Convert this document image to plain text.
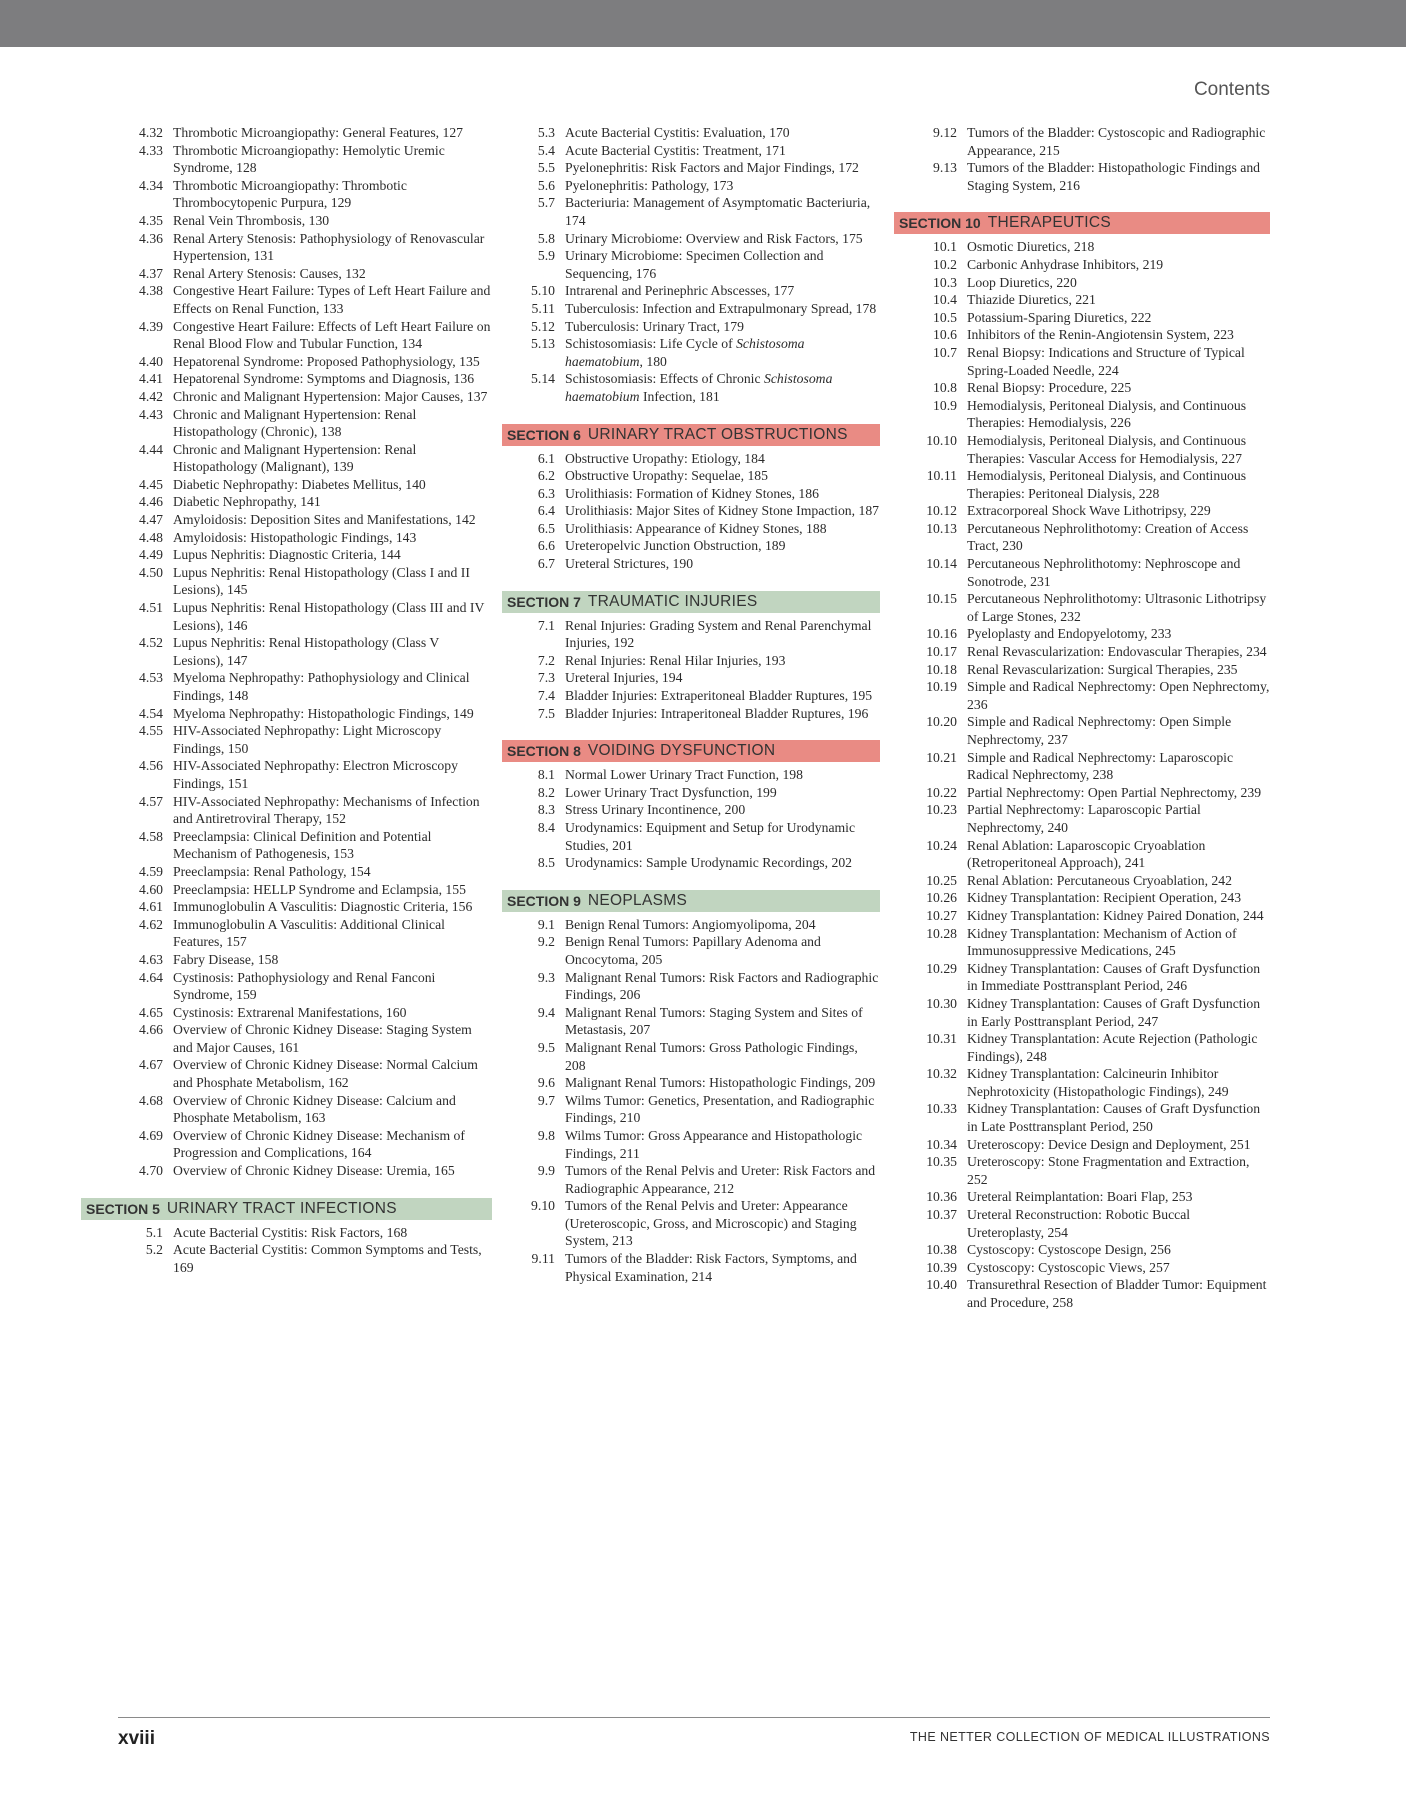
Contents
4.32 Thrombotic Microangiopathy: General Features, 127
4.33 Thrombotic Microangiopathy: Hemolytic Uremic Syndrome, 128
4.34 Thrombotic Microangiopathy: Thrombotic Thrombocytopenic Purpura, 129
4.35 Renal Vein Thrombosis, 130
4.36 Renal Artery Stenosis: Pathophysiology of Renovascular Hypertension, 131
4.37 Renal Artery Stenosis: Causes, 132
4.38 Congestive Heart Failure: Types of Left Heart Failure and Effects on Renal Function, 133
4.39 Congestive Heart Failure: Effects of Left Heart Failure on Renal Blood Flow and Tubular Function, 134
4.40 Hepatorenal Syndrome: Proposed Pathophysiology, 135
4.41 Hepatorenal Syndrome: Symptoms and Diagnosis, 136
4.42 Chronic and Malignant Hypertension: Major Causes, 137
4.43 Chronic and Malignant Hypertension: Renal Histopathology (Chronic), 138
4.44 Chronic and Malignant Hypertension: Renal Histopathology (Malignant), 139
4.45 Diabetic Nephropathy: Diabetes Mellitus, 140
4.46 Diabetic Nephropathy, 141
4.47 Amyloidosis: Deposition Sites and Manifestations, 142
4.48 Amyloidosis: Histopathologic Findings, 143
4.49 Lupus Nephritis: Diagnostic Criteria, 144
4.50 Lupus Nephritis: Renal Histopathology (Class I and II Lesions), 145
4.51 Lupus Nephritis: Renal Histopathology (Class III and IV Lesions), 146
4.52 Lupus Nephritis: Renal Histopathology (Class V Lesions), 147
4.53 Myeloma Nephropathy: Pathophysiology and Clinical Findings, 148
4.54 Myeloma Nephropathy: Histopathologic Findings, 149
4.55 HIV-Associated Nephropathy: Light Microscopy Findings, 150
4.56 HIV-Associated Nephropathy: Electron Microscopy Findings, 151
4.57 HIV-Associated Nephropathy: Mechanisms of Infection and Antiretroviral Therapy, 152
4.58 Preeclampsia: Clinical Definition and Potential Mechanism of Pathogenesis, 153
4.59 Preeclampsia: Renal Pathology, 154
4.60 Preeclampsia: HELLP Syndrome and Eclampsia, 155
4.61 Immunoglobulin A Vasculitis: Diagnostic Criteria, 156
4.62 Immunoglobulin A Vasculitis: Additional Clinical Features, 157
4.63 Fabry Disease, 158
4.64 Cystinosis: Pathophysiology and Renal Fanconi Syndrome, 159
4.65 Cystinosis: Extrarenal Manifestations, 160
4.66 Overview of Chronic Kidney Disease: Staging System and Major Causes, 161
4.67 Overview of Chronic Kidney Disease: Normal Calcium and Phosphate Metabolism, 162
4.68 Overview of Chronic Kidney Disease: Calcium and Phosphate Metabolism, 163
4.69 Overview of Chronic Kidney Disease: Mechanism of Progression and Complications, 164
4.70 Overview of Chronic Kidney Disease: Uremia, 165
SECTION 5 URINARY TRACT INFECTIONS
5.1 Acute Bacterial Cystitis: Risk Factors, 168
5.2 Acute Bacterial Cystitis: Common Symptoms and Tests, 169
5.3 Acute Bacterial Cystitis: Evaluation, 170
5.4 Acute Bacterial Cystitis: Treatment, 171
5.5 Pyelonephritis: Risk Factors and Major Findings, 172
5.6 Pyelonephritis: Pathology, 173
5.7 Bacteriuria: Management of Asymptomatic Bacteriuria, 174
5.8 Urinary Microbiome: Overview and Risk Factors, 175
5.9 Urinary Microbiome: Specimen Collection and Sequencing, 176
5.10 Intrarenal and Perinephric Abscesses, 177
5.11 Tuberculosis: Infection and Extrapulmonary Spread, 178
5.12 Tuberculosis: Urinary Tract, 179
5.13 Schistosomiasis: Life Cycle of Schistosoma haematobium, 180
5.14 Schistosomiasis: Effects of Chronic Schistosoma haematobium Infection, 181
SECTION 6 URINARY TRACT OBSTRUCTIONS
6.1 Obstructive Uropathy: Etiology, 184
6.2 Obstructive Uropathy: Sequelae, 185
6.3 Urolithiasis: Formation of Kidney Stones, 186
6.4 Urolithiasis: Major Sites of Kidney Stone Impaction, 187
6.5 Urolithiasis: Appearance of Kidney Stones, 188
6.6 Ureteropelvic Junction Obstruction, 189
6.7 Ureteral Strictures, 190
SECTION 7 TRAUMATIC INJURIES
7.1 Renal Injuries: Grading System and Renal Parenchymal Injuries, 192
7.2 Renal Injuries: Renal Hilar Injuries, 193
7.3 Ureteral Injuries, 194
7.4 Bladder Injuries: Extraperitoneal Bladder Ruptures, 195
7.5 Bladder Injuries: Intraperitoneal Bladder Ruptures, 196
SECTION 8 VOIDING DYSFUNCTION
8.1 Normal Lower Urinary Tract Function, 198
8.2 Lower Urinary Tract Dysfunction, 199
8.3 Stress Urinary Incontinence, 200
8.4 Urodynamics: Equipment and Setup for Urodynamic Studies, 201
8.5 Urodynamics: Sample Urodynamic Recordings, 202
SECTION 9 NEOPLASMS
9.1 Benign Renal Tumors: Angiomyolipoma, 204
9.2 Benign Renal Tumors: Papillary Adenoma and Oncocytoma, 205
9.3 Malignant Renal Tumors: Risk Factors and Radiographic Findings, 206
9.4 Malignant Renal Tumors: Staging System and Sites of Metastasis, 207
9.5 Malignant Renal Tumors: Gross Pathologic Findings, 208
9.6 Malignant Renal Tumors: Histopathologic Findings, 209
9.7 Wilms Tumor: Genetics, Presentation, and Radiographic Findings, 210
9.8 Wilms Tumor: Gross Appearance and Histopathologic Findings, 211
9.9 Tumors of the Renal Pelvis and Ureter: Risk Factors and Radiographic Appearance, 212
9.10 Tumors of the Renal Pelvis and Ureter: Appearance (Ureteroscopic, Gross, and Microscopic) and Staging System, 213
9.11 Tumors of the Bladder: Risk Factors, Symptoms, and Physical Examination, 214
9.12 Tumors of the Bladder: Cystoscopic and Radiographic Appearance, 215
9.13 Tumors of the Bladder: Histopathologic Findings and Staging System, 216
SECTION 10 THERAPEUTICS
10.1 Osmotic Diuretics, 218
10.2 Carbonic Anhydrase Inhibitors, 219
10.3 Loop Diuretics, 220
10.4 Thiazide Diuretics, 221
10.5 Potassium-Sparing Diuretics, 222
10.6 Inhibitors of the Renin-Angiotensin System, 223
10.7 Renal Biopsy: Indications and Structure of Typical Spring-Loaded Needle, 224
10.8 Renal Biopsy: Procedure, 225
10.9 Hemodialysis, Peritoneal Dialysis, and Continuous Therapies: Hemodialysis, 226
10.10 Hemodialysis, Peritoneal Dialysis, and Continuous Therapies: Vascular Access for Hemodialysis, 227
10.11 Hemodialysis, Peritoneal Dialysis, and Continuous Therapies: Peritoneal Dialysis, 228
10.12 Extracorporeal Shock Wave Lithotripsy, 229
10.13 Percutaneous Nephrolithotomy: Creation of Access Tract, 230
10.14 Percutaneous Nephrolithotomy: Nephroscope and Sonotrode, 231
10.15 Percutaneous Nephrolithotomy: Ultrasonic Lithotripsy of Large Stones, 232
10.16 Pyeloplasty and Endopyelotomy, 233
10.17 Renal Revascularization: Endovascular Therapies, 234
10.18 Renal Revascularization: Surgical Therapies, 235
10.19 Simple and Radical Nephrectomy: Open Nephrectomy, 236
10.20 Simple and Radical Nephrectomy: Open Simple Nephrectomy, 237
10.21 Simple and Radical Nephrectomy: Laparoscopic Radical Nephrectomy, 238
10.22 Partial Nephrectomy: Open Partial Nephrectomy, 239
10.23 Partial Nephrectomy: Laparoscopic Partial Nephrectomy, 240
10.24 Renal Ablation: Laparoscopic Cryoablation (Retroperitoneal Approach), 241
10.25 Renal Ablation: Percutaneous Cryoablation, 242
10.26 Kidney Transplantation: Recipient Operation, 243
10.27 Kidney Transplantation: Kidney Paired Donation, 244
10.28 Kidney Transplantation: Mechanism of Action of Immunosuppressive Medications, 245
10.29 Kidney Transplantation: Causes of Graft Dysfunction in Immediate Posttransplant Period, 246
10.30 Kidney Transplantation: Causes of Graft Dysfunction in Early Posttransplant Period, 247
10.31 Kidney Transplantation: Acute Rejection (Pathologic Findings), 248
10.32 Kidney Transplantation: Calcineurin Inhibitor Nephrotoxicity (Histopathologic Findings), 249
10.33 Kidney Transplantation: Causes of Graft Dysfunction in Late Posttransplant Period, 250
10.34 Ureteroscopy: Device Design and Deployment, 251
10.35 Ureteroscopy: Stone Fragmentation and Extraction, 252
10.36 Ureteral Reimplantation: Boari Flap, 253
10.37 Ureteral Reconstruction: Robotic Buccal Ureteroplasty, 254
10.38 Cystoscopy: Cystoscope Design, 256
10.39 Cystoscopy: Cystoscopic Views, 257
10.40 Transurethral Resection of Bladder Tumor: Equipment and Procedure, 258
xviii	THE NETTER COLLECTION OF MEDICAL ILLUSTRATIONS
